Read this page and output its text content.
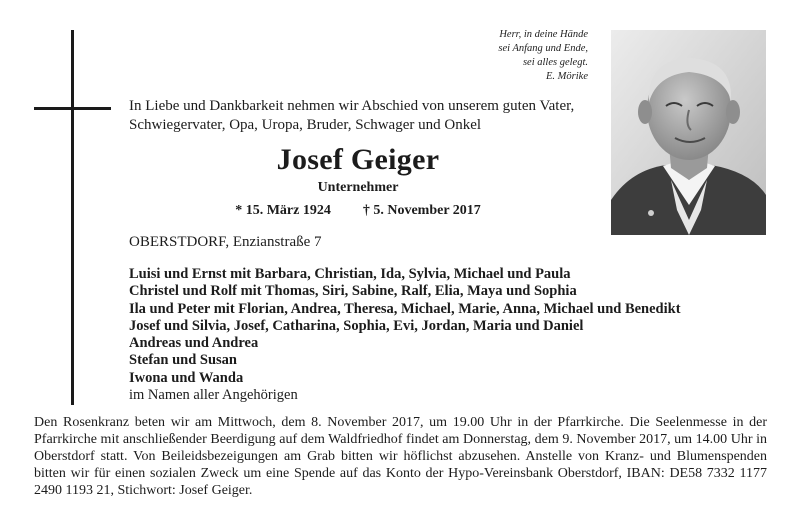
Herr, in deine Hände
sei Anfang und Ende,
sei alles gelegt.
E. Mörike
In Liebe und Dankbarkeit nehmen wir Abschied von unserem guten Vater, Schwiegervater, Opa, Uropa, Bruder, Schwager und Onkel
Josef Geiger
Unternehmer
* 15. März 1924 † 5. November 2017
OBERSTDORF, Enzianstraße 7
Luisi und Ernst mit Barbara, Christian, Ida, Sylvia, Michael und Paula
Christel und Rolf mit Thomas, Siri, Sabine, Ralf, Elia, Maya und Sophia
Ila und Peter mit Florian, Andrea, Theresa, Michael, Marie, Anna, Michael und Benedikt
Josef und Silvia, Josef, Catharina, Sophia, Evi, Jordan, Maria und Daniel
Andreas und Andrea
Stefan und Susan
Iwona und Wanda
im Namen aller Angehörigen
Den Rosenkranz beten wir am Mittwoch, dem 8. November 2017, um 19.00 Uhr in der Pfarrkirche. Die Seelenmesse in der Pfarrkirche mit anschließender Beerdigung auf dem Waldfriedhof findet am Donnerstag, dem 9. November 2017, um 14.00 Uhr in Oberstdorf statt. Von Beileidsbezeigungen am Grab bitten wir höflichst abzusehen. Anstelle von Kranz- und Blumenspenden bitten wir für einen sozialen Zweck um eine Spende auf das Konto der Hypo-Vereinsbank Oberstdorf, IBAN: DE58 7332 1177 2490 1193 21, Stichwort: Josef Geiger.
